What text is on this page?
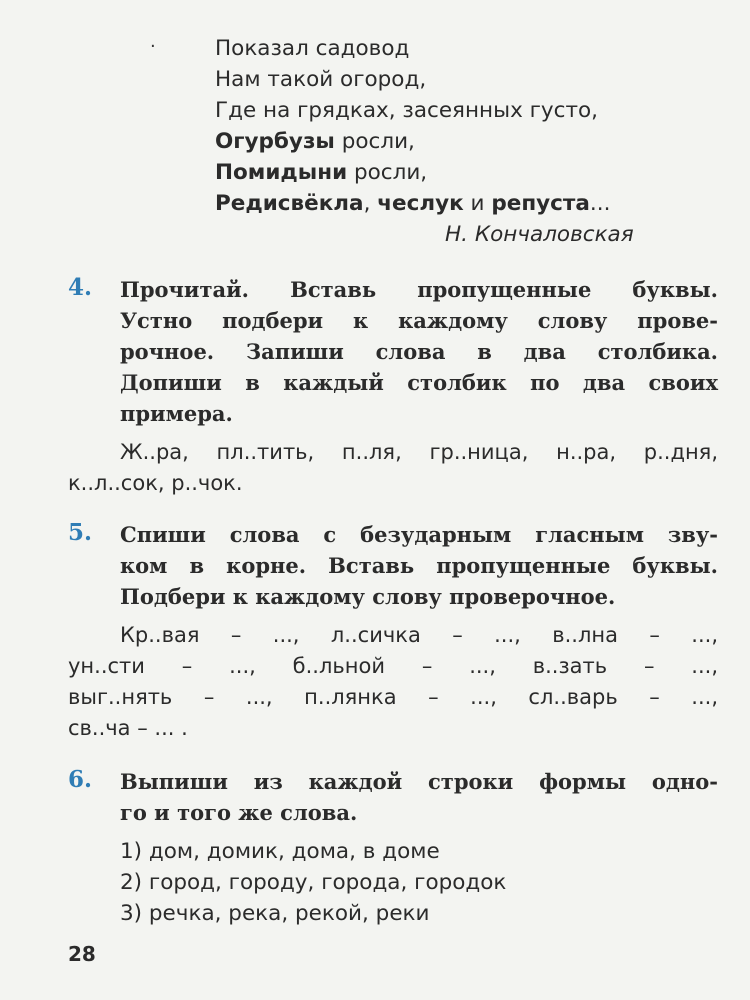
·	Показал садовод
Нам такой огород,
Где на грядках, засеянных густо,
Огурбузы росли,
Помидыни росли,
Редисвёкла, чеслук и репуста...
Н. Кончаловская
4. Прочитай. Вставь пропущенные буквы.
Устно подбери к каждому слову прове-
рочное. Запиши слова в два столбика.
Допиши в каждый столбик по два своих
примера.
Ж..ра, пл..тить, п..ля, гр..ница, н..ра, р..дня,
к..л..сок, р..чок.
5. Спиши слова с безударным гласным зву-
ком в корне. Вставь пропущенные буквы.
Подбери к каждому слову проверочное.
Кр..вая – ..., л..сичка – ..., в..лна – ...,
ун..сти – ..., б..льной – ..., в..зать – ...,
выг..нять – ..., п..лянка – ..., сл..варь – ...,
св..ча – ... .
6. Выпиши из каждой строки формы одно-
го и того же слова.
1) дом, домик, дома, в доме
2) город, городу, города, городок
3) речка, река, рекой, реки
28
